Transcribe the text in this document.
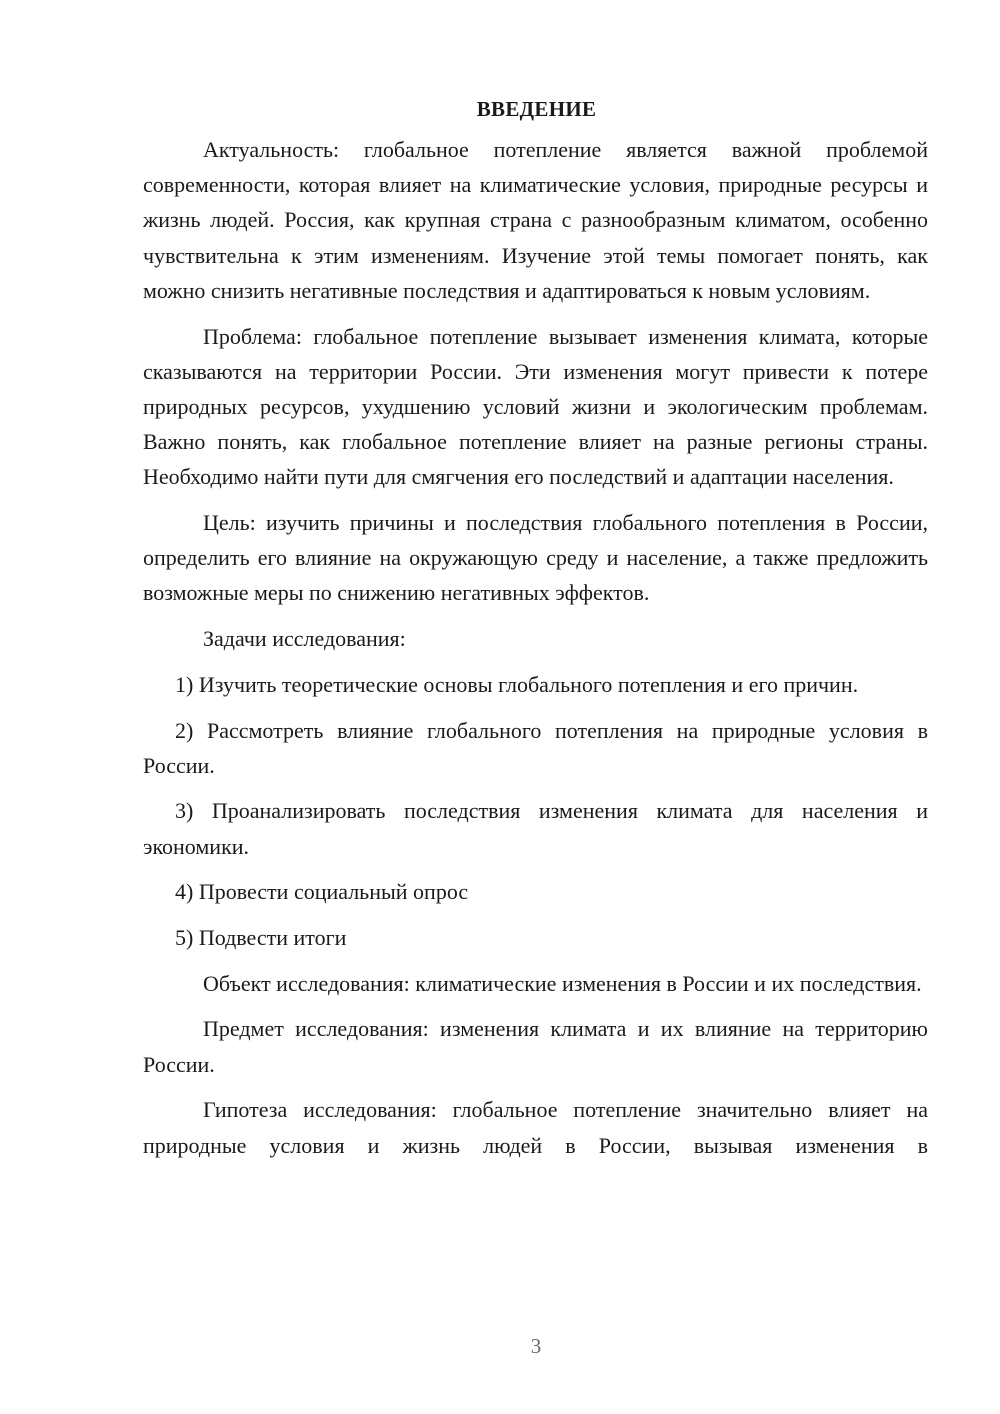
ВВЕДЕНИЕ

Актуальность: глобальное потепление является важной проблемой современности, которая влияет на климатические условия, природные ресурсы и жизнь людей. Россия, как крупная страна с разнообразным климатом, особенно чувствительна к этим изменениям. Изучение этой темы помогает понять, как можно снизить негативные последствия и адаптироваться к новым условиям.

Проблема: глобальное потепление вызывает изменения климата, которые сказываются на территории России. Эти изменения могут привести к потере природных ресурсов, ухудшению условий жизни и экологическим проблемам. Важно понять, как глобальное потепление влияет на разные регионы страны. Необходимо найти пути для смягчения его последствий и адаптации населения.

Цель: изучить причины и последствия глобального потепления в России, определить его влияние на окружающую среду и население, а также предложить возможные меры по снижению негативных эффектов.

Задачи исследования:

1) Изучить теоретические основы глобального потепления и его причин.

2) Рассмотреть влияние глобального потепления на природные условия в России.

3) Проанализировать последствия изменения климата для населения и экономики.

4) Провести социальный опрос

5) Подвести итоги

Объект исследования: климатические изменения в России и их последствия.

Предмет исследования: изменения климата и их влияние на территорию России.

Гипотеза исследования: глобальное потепление значительно влияет на природные условия и жизнь людей в России, вызывая изменения в

3
